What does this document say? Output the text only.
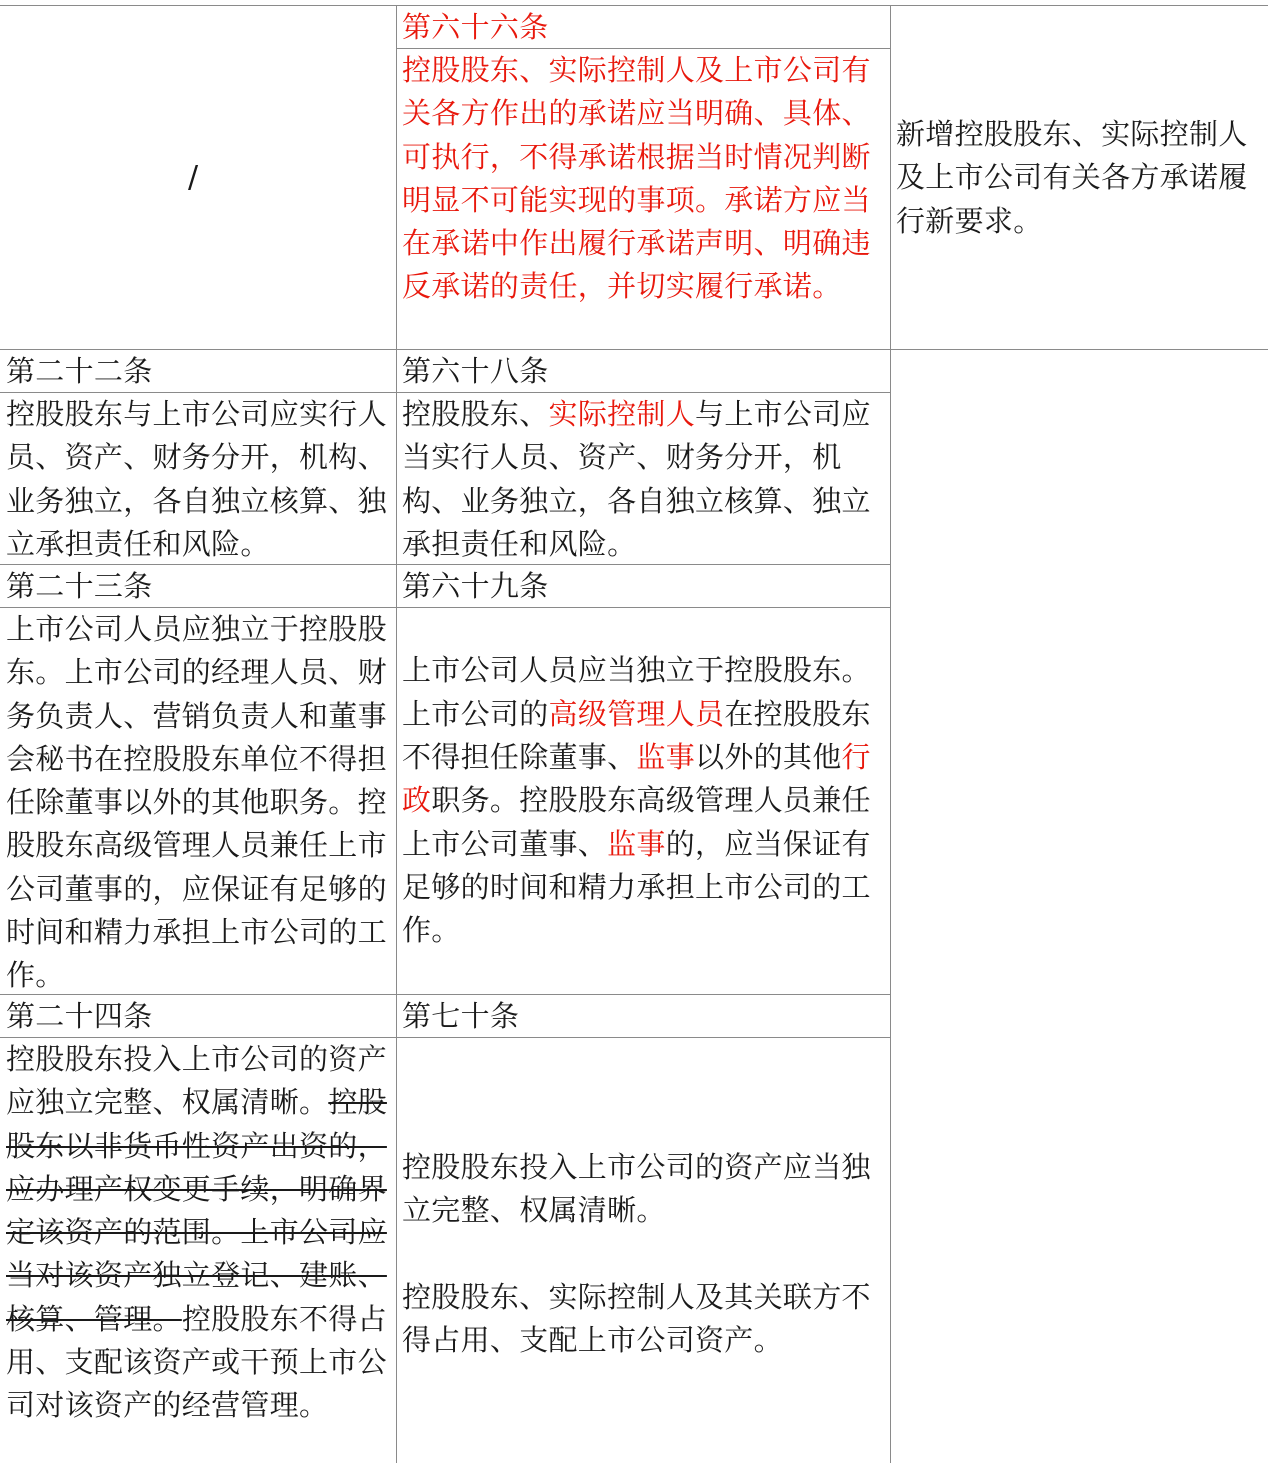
/
第六十六条
控股股东、实际控制人及上市公司有关各方作出的承诺应当明确、具体、可执行，不得承诺根据当时情况判断明显不可能实现的事项。承诺方应当在承诺中作出履行承诺声明、明确违反承诺的责任，并切实履行承诺。
新增控股股东、实际控制人及上市公司有关各方承诺履行新要求。
第二十二条
控股股东与上市公司应实行人员、资产、财务分开，机构、业务独立，各自独立核算、独立承担责任和风险。
第六十八条
控股股东、实际控制人与上市公司应当实行人员、资产、财务分开，机构、业务独立，各自独立核算、独立承担责任和风险。
第二十三条
上市公司人员应独立于控股股东。上市公司的经理人员、财务负责人、营销负责人和董事会秘书在控股股东单位不得担任除董事以外的其他职务。控股股东高级管理人员兼任上市公司董事的，应保证有足够的时间和精力承担上市公司的工作。
第六十九条
上市公司人员应当独立于控股股东。上市公司的高级管理人员在控股股东不得担任除董事、监事以外的其他行政职务。控股股东高级管理人员兼任上市公司董事、监事的，应当保证有足够的时间和精力承担上市公司的工作。
第二十四条
控股股东投入上市公司的资产应独立完整、权属清晰。控股股东以非货币性资产出资的，应办理产权变更手续，明确界定该资产的范围。上市公司应当对该资产独立登记、建账、核算、管理。控股股东不得占用、支配该资产或干预上市公司对该资产的经营管理。
第七十条
控股股东投入上市公司的资产应当独立完整、权属清晰。
控股股东、实际控制人及其关联方不得占用、支配上市公司资产。
